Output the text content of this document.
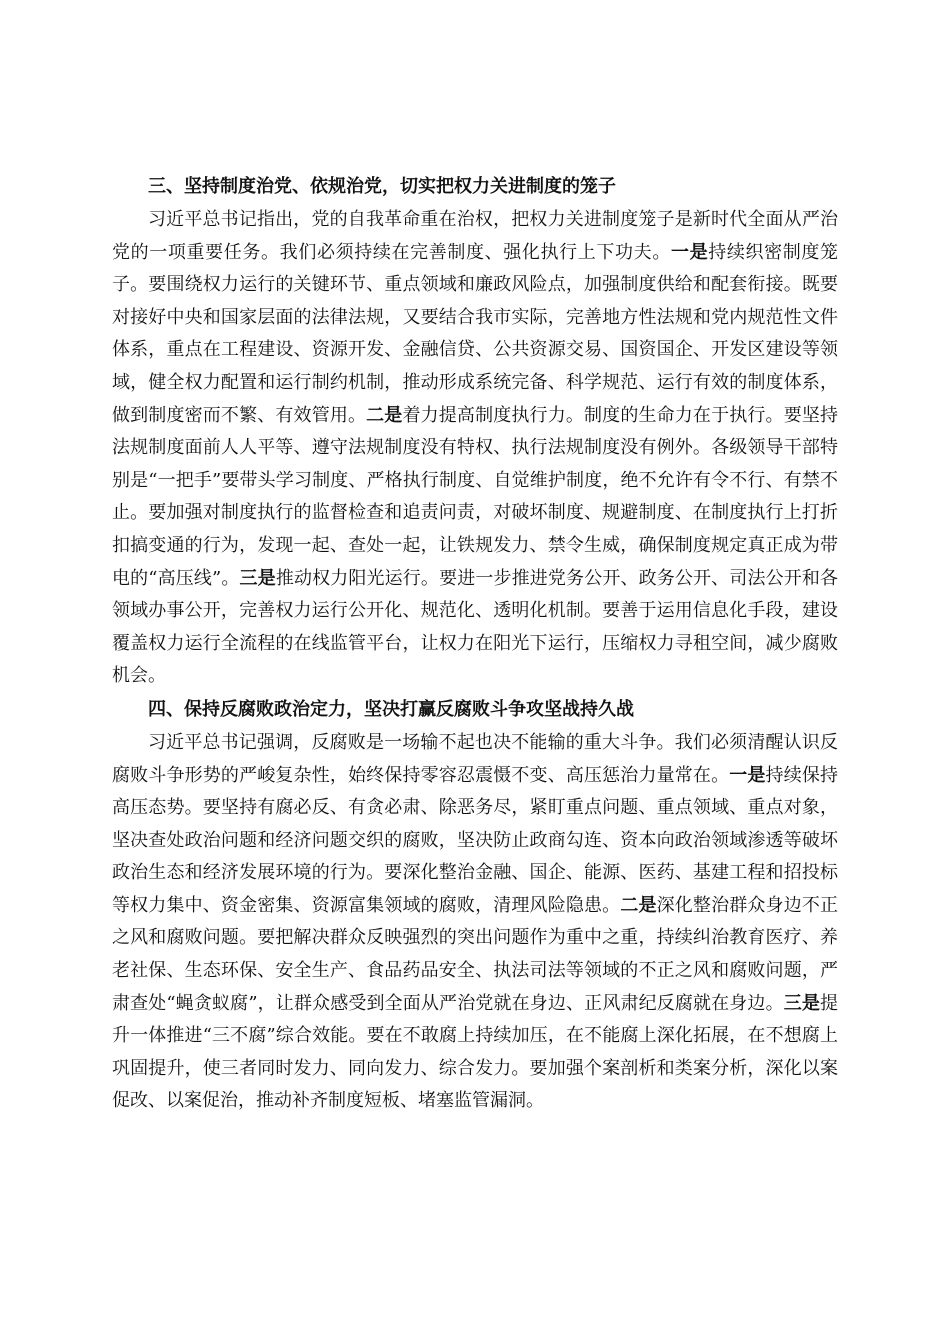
三、坚持制度治党、依规治党，切实把权力关进制度的笼子

习近平总书记指出，党的自我革命重在治权，把权力关进制度笼子是新时代全面从严治党的一项重要任务。我们必须持续在完善制度、强化执行上下功夫。一是持续织密制度笼子。要围绕权力运行的关键环节、重点领域和廉政风险点，加强制度供给和配套衔接。既要对接好中央和国家层面的法律法规，又要结合我市实际，完善地方性法规和党内规范性文件体系，重点在工程建设、资源开发、金融信贷、公共资源交易、国资国企、开发区建设等领域，健全权力配置和运行制约机制，推动形成系统完备、科学规范、运行有效的制度体系，做到制度密而不繁、有效管用。二是着力提高制度执行力。制度的生命力在于执行。要坚持法规制度面前人人平等、遵守法规制度没有特权、执行法规制度没有例外。各级领导干部特别是“一把手”要带头学习制度、严格执行制度、自觉维护制度，绝不允许有令不行、有禁不止。要加强对制度执行的监督检查和追责问责，对破坏制度、规避制度、在制度执行上打折扣搞变通的行为，发现一起、查处一起，让铁规发力、禁令生威，确保制度规定真正成为带电的“高压线”。三是推动权力阳光运行。要进一步推进党务公开、政务公开、司法公开和各领域办事公开，完善权力运行公开化、规范化、透明化机制。要善于运用信息化手段，建设覆盖权力运行全流程的在线监管平台，让权力在阳光下运行，压缩权力寻租空间，减少腐败机会。

四、保持反腐败政治定力，坚决打赢反腐败斗争攻坚战持久战

习近平总书记强调，反腐败是一场输不起也决不能输的重大斗争。我们必须清醒认识反腐败斗争形势的严峻复杂性，始终保持零容忍震慑不变、高压惩治力量常在。一是持续保持高压态势。要坚持有腐必反、有贪必肃、除恶务尽，紧盯重点问题、重点领域、重点对象，坚决查处政治问题和经济问题交织的腐败，坚决防止政商勾连、资本向政治领域渗透等破坏政治生态和经济发展环境的行为。要深化整治金融、国企、能源、医药、基建工程和招投标等权力集中、资金密集、资源富集领域的腐败，清理风险隐患。二是深化整治群众身边不正之风和腐败问题。要把解决群众反映强烈的突出问题作为重中之重，持续纠治教育医疗、养老社保、生态环保、安全生产、食品药品安全、执法司法等领域的不正之风和腐败问题，严肃查处“蝇贪蚁腐”，让群众感受到全面从严治党就在身边、正风肃纪反腐就在身边。三是提升一体推进“三不腐”综合效能。要在不敢腐上持续加压，在不能腐上深化拓展，在不想腐上巩固提升，使三者同时发力、同向发力、综合发力。要加强个案剖析和类案分析，深化以案促改、以案促治，推动补齐制度短板、堵塞监管漏洞。
